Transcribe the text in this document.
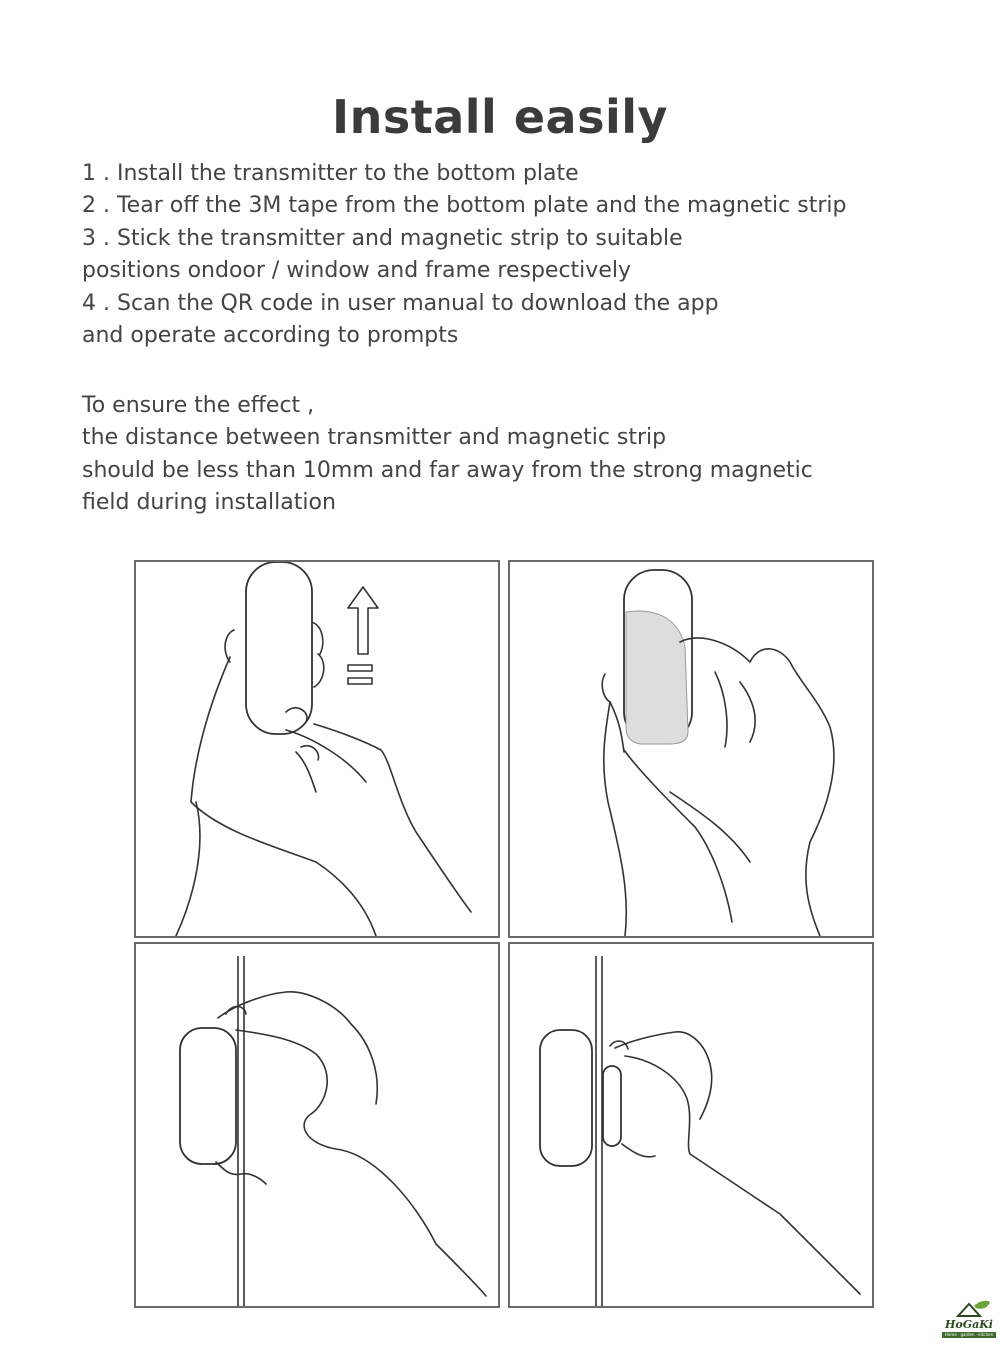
Install easily
1 . Install the transmitter to the bottom plate
2 . Tear off the 3M tape from the bottom plate and the magnetic strip
3 . Stick the transmitter and magnetic strip to suitable
positions ondoor / window and frame respectively
4 . Scan the QR code in user manual to download the app
and operate according to prompts
To ensure the effect ,
the distance between transmitter and magnetic strip
should be less than 10mm and far away from the strong magnetic
field during installation
HoGaKi
Home · garden · kitchen
